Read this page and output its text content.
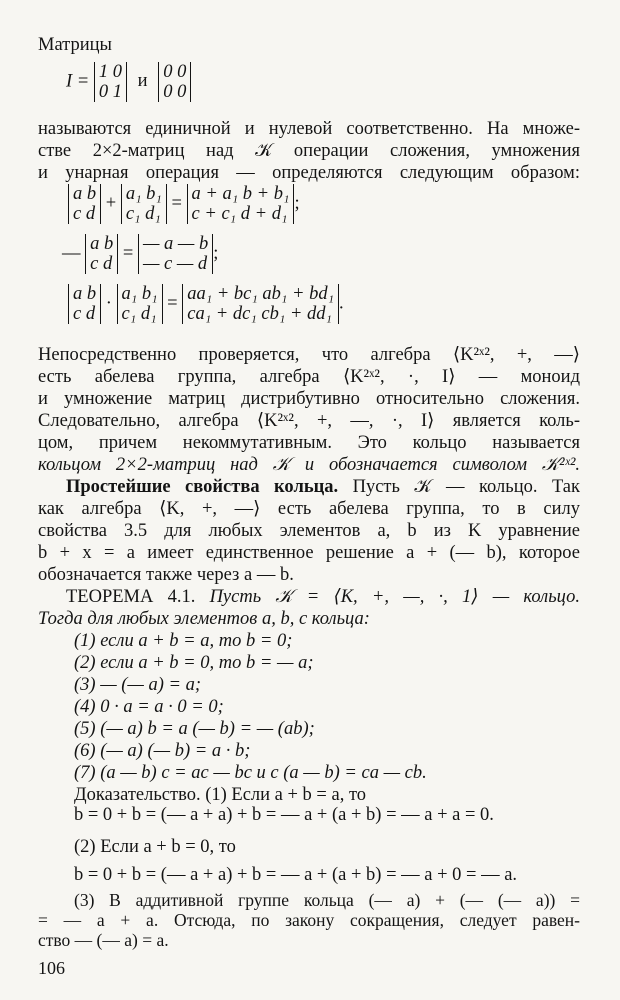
Матрицы
I = 1 0
0 1
и 0 0
0 0
называются единичной и нулевой соответственно. На множе-
стве 2×2-матриц над 𝒦 операции сложения, умножения
и унарная операция — определяются следующим образом:
a b
c d
+ a₁ b₁
c₁ d₁
= a + a₁ b + b₁
c + c₁ d + d₁
;
— a b
c d
= — a — b
— c — d
;
a b
c d
· a₁ b₁
c₁ d₁
= aa₁ + bc₁ ab₁ + bd₁
ca₁ + dc₁ cb₁ + dd₁
.
Непосредственно проверяется, что алгебра ⟨K²ˣ², +, —⟩
есть абелева группа, алгебра ⟨K²ˣ², ·, I⟩ — моноид
и умножение матриц дистрибутивно относительно сложения.
Следовательно, алгебра ⟨K²ˣ², +, —, ·, I⟩ является коль-
цом, причем некоммутативным. Это кольцо называется
кольцом 2×2-матриц над 𝒦 и обозначается символом 𝒦²ˣ².
Простейшие свойства кольца. Пусть 𝒦 — кольцо. Так
как алгебра ⟨K, +, —⟩ есть абелева группа, то в силу
свойства 3.5 для любых элементов a, b из K уравнение
b + x = a имеет единственное решение a + (— b), которое
обозначается также через a — b.
ТЕОРЕМА 4.1. Пусть 𝒦 = ⟨K, +, —, ·, 1⟩ — кольцо.
Тогда для любых элементов a, b, c кольца:
(1) если a + b = a, то b = 0;
(2) если a + b = 0, то b = — a;
(3) — (— a) = a;
(4) 0 · a = a · 0 = 0;
(5) (— a) b = a (— b) = — (ab);
(6) (— a) (— b) = a · b;
(7) (a — b) c = ac — bc и c (a — b) = ca — cb.
Доказательство. (1) Если a + b = a, то
b = 0 + b = (— a + a) + b = — a + (a + b) = — a + a = 0.
(2) Если a + b = 0, то
b = 0 + b = (— a + a) + b = — a + (a + b) = — a + 0 = — a.
106
(3) В аддитивной группе кольца (— a) + (— (— a)) =
= — a + a. Отсюда, по закону сокращения, следует равен-
ство — (— a) = a.
